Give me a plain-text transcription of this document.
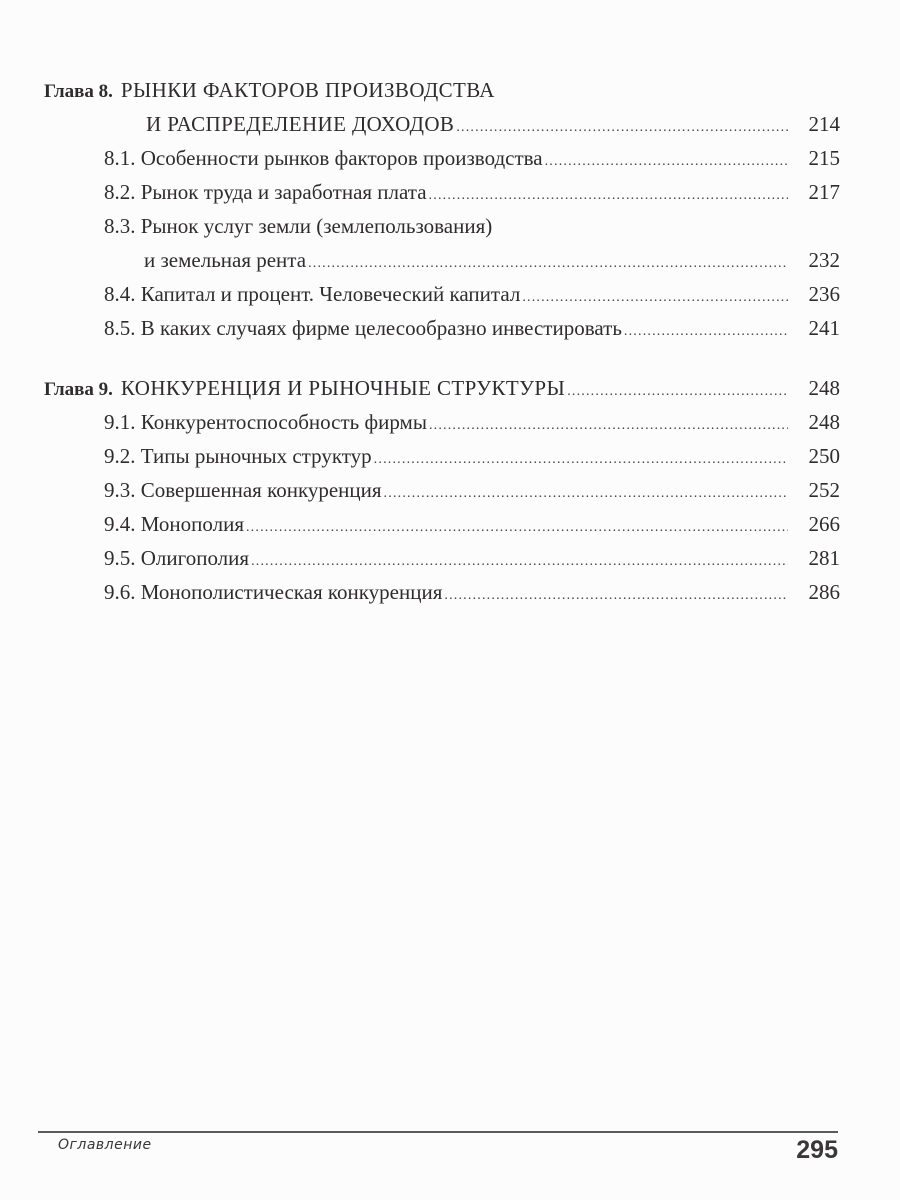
Глава 8. РЫНКИ ФАКТОРОВ ПРОИЗВОДСТВА
И РАСПРЕДЕЛЕНИЕ ДОХОДОВ .....	214
8.1. Особенности рынков факторов производства .....	215
8.2. Рынок труда и заработная плата .....	217
8.3. Рынок услуг земли (землепользования)
и земельная рента .....	232
8.4. Капитал и процент. Человеческий капитал .....	236
8.5. В каких случаях фирме целесообразно инвестировать .....	241
Глава 9. КОНКУРЕНЦИЯ И РЫНОЧНЫЕ СТРУКТУРЫ .....	248
9.1. Конкурентоспособность фирмы .....	248
9.2. Типы рыночных структур .....	250
9.3. Совершенная конкуренция .....	252
9.4. Монополия .....	266
9.5. Олигополия .....	281
9.6. Монополистическая конкуренция .....	286
Оглавление	295
